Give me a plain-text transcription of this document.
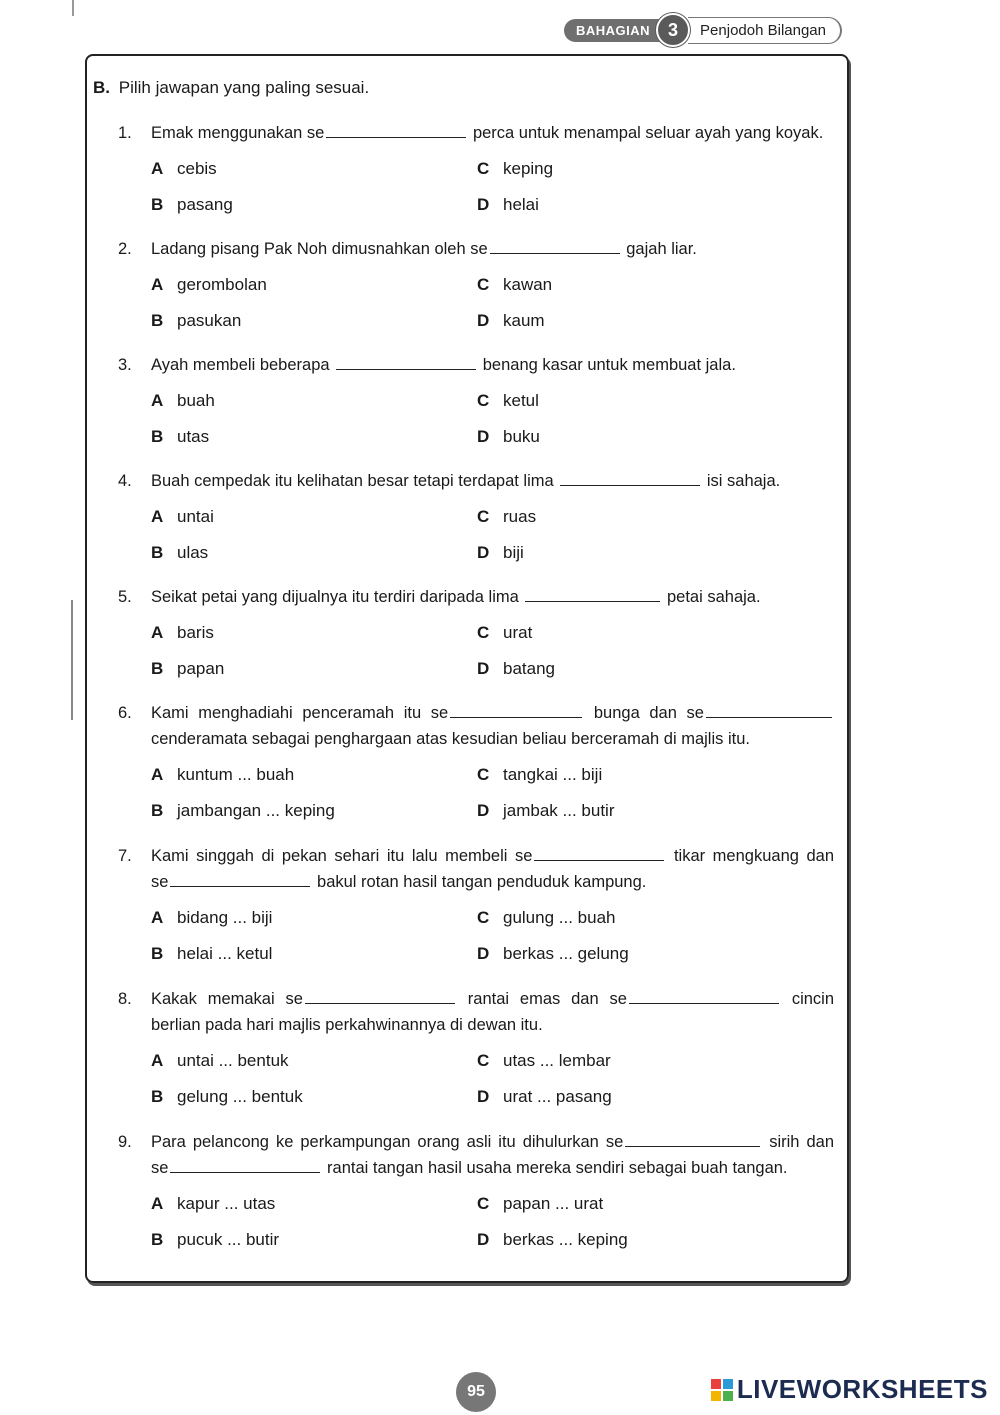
BAHAGIAN 3	Penjodoh Bilangan
B. Pilih jawapan yang paling sesuai.
1.	Emak menggunakan se	perca untuk menampal seluar ayah yang koyak.
A cebis	C keping
B pasang	D helai
2.	Ladang pisang Pak Noh dimusnahkan oleh se	gajah liar.
A gerombolan	C kawan
B pasukan	D kaum
3.	Ayah membeli beberapa	benang kasar untuk membuat jala.
A buah	C ketul
B utas	D buku
4.	Buah cempedak itu kelihatan besar tetapi terdapat lima	isi sahaja.
A untai	C ruas
B ulas	D biji
5.	Seikat petai yang dijualnya itu terdiri daripada lima	petai sahaja.
A baris	C urat
B papan	D batang
6.	Kami menghadiahi penceramah itu se	bunga dan se
cenderamata sebagai penghargaan atas kesudian beliau berceramah di majlis itu.
A kuntum ... buah	C tangkai ... biji
B jambangan ... keping	D jambak ... butir
7.	Kami singgah di pekan sehari itu lalu membeli se	tikar mengkuang dan
se	bakul rotan hasil tangan penduduk kampung.
A bidang ... biji	C gulung ... buah
B helai ... ketul	D berkas ... gelung
8.	Kakak memakai se	rantai emas dan se	cincin
berlian pada hari majlis perkahwinannya di dewan itu.
A untai ... bentuk	C utas ... lembar
B gelung ... bentuk	D urat ... pasang
9.	Para pelancong ke perkampungan orang asli itu dihulurkan se	sirih dan
se	rantai tangan hasil usaha mereka sendiri sebagai buah tangan.
A kapur ... utas	C papan ... urat
B pucuk ... butir	D berkas ... keping
95	LIVEWORKSHEETS
